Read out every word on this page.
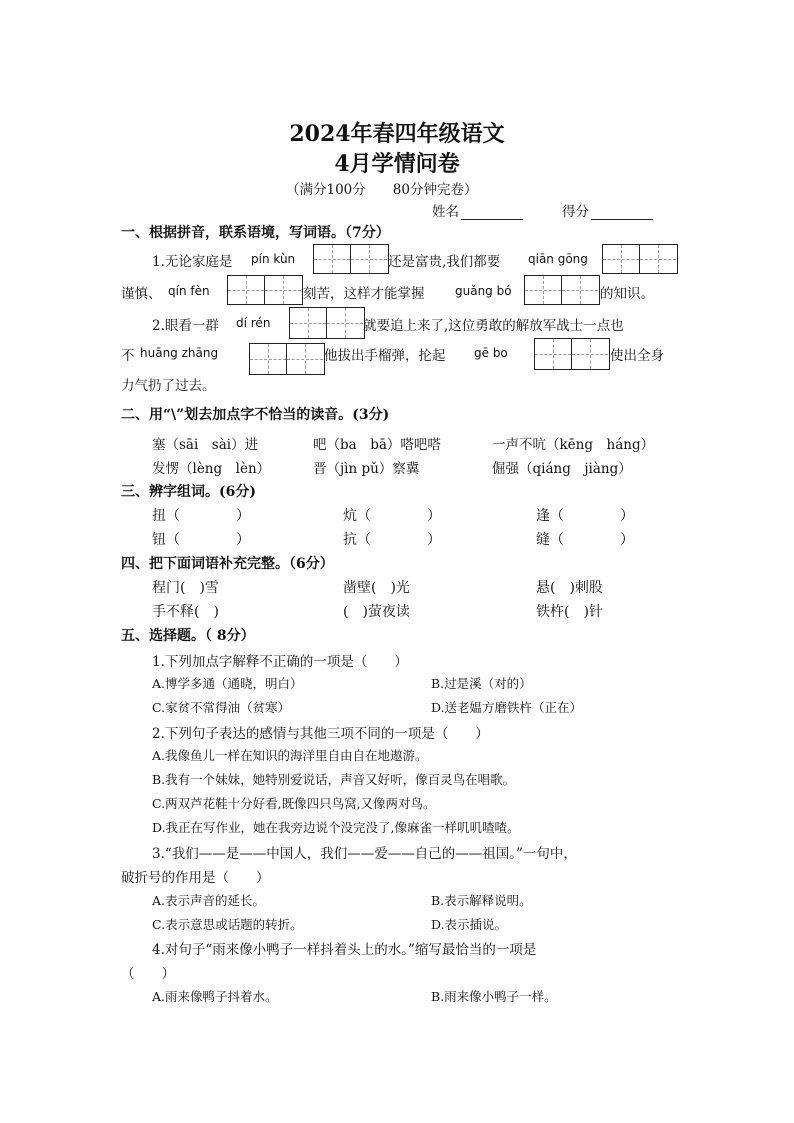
2024年春四年级语文
4月学情问卷
（满分100分　　80分钟完卷）
姓名	得分
一、根据拼音，联系语境，写词语。（7分）
1.无论家庭是 pín kùn	还是富贵,我们都要 qiān gōng
谨慎、 qín fèn	刻苦，这样才能掌握	guǎng bó	的知识。
2.眼看一群 dí rén	就要追上来了,这位勇敢的解放军战士一点也
不 huāng zhāng	他拔出手榴弹，抡起 gē bo	使出全身
力气扔了过去。
二、用“\”划去加点字不恰当的读音。(3分)
塞（sāi　sài）进	吧（ba　bā）嗒吧嗒	一声不吭（kēng　háng）
发愣（lèng　lèn）	晋（jìn pǔ）察冀	倔强（qiáng　jiàng）
三、辨字组词。(6分)
扭（　　　　）	炕（　　　　）	逢（　　　　）
钮（　　　　）	抗（　　　　）	缝（　　　　）
四、把下面词语补充完整。（6分）
程门(　)雪	凿壁(　)光	悬(　)刺股
手不释(　)	(　)萤夜读	铁杵(　)针
五、选择题。（ 8分）
1.下列加点字解释不正确的一项是（　　）
A.博学多通（通晓，明白）	B.过是溪（对的）
C.家贫不常得油（贫寒）	D.送老媪方磨铁杵（正在）
2.下列句子表达的感情与其他三项不同的一项是（　　）
A.我像鱼儿一样在知识的海洋里自由自在地遨游。
B.我有一个妹妹，她特别爱说话，声音又好听，像百灵鸟在唱歌。
C.两双芦花鞋十分好看,既像四只鸟窝,又像两对鸟。
D.我正在写作业，她在我旁边说个没完没了,像麻雀一样叽叽喳喳。
3.“我们——是——中国人，我们——爱——自己的——祖国。”一句中，
破折号的作用是（　　）
A.表示声音的延长。	B.表示解释说明。
C.表示意思或话题的转折。	D.表示插说。
4.对句子“雨来像小鸭子一样抖着头上的水。”缩写最恰当的一项是
（　　）
A.雨来像鸭子抖着水。	B.雨来像小鸭子一样。
